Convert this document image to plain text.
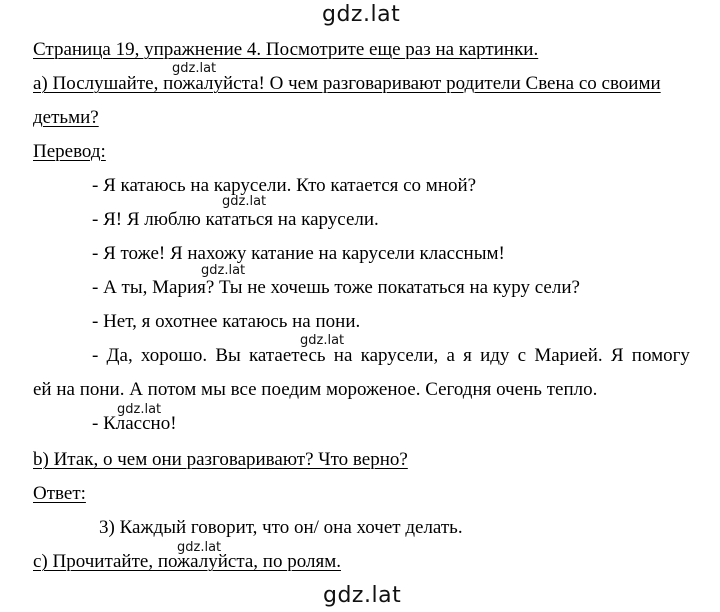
gdz.lat
Страница 19, упражнение 4. Посмотрите еще раз на картинки.
а) Послушайте, пожалуйста! О чем разговаривают родители Свена со своими
gdz.lat
детьми?
Перевод:
- Я катаюсь на карусели. Кто катается со мной?
gdz.lat
- Я! Я люблю кататься на карусели.
- Я тоже! Я нахожу катание на карусели классным!
gdz.lat
- А ты, Мария? Ты не хочешь тоже покататься на куру сели?
- Нет, я охотнее катаюсь на пони.
gdz.lat
- Да, хорошо. Вы катаетесь на карусели, а я иду с Марией. Я помогу
ей на пони. А потом мы все поедим мороженое. Сегодня очень тепло.
- Классно!
gdz.lat
b) Итак, о чем они разговаривают? Что верно?
Ответ:
3) Каждый говорит, что он/ она хочет делать.
gdz.lat
c) Прочитайте, пожалуйста, по ролям.
gdz.lat
